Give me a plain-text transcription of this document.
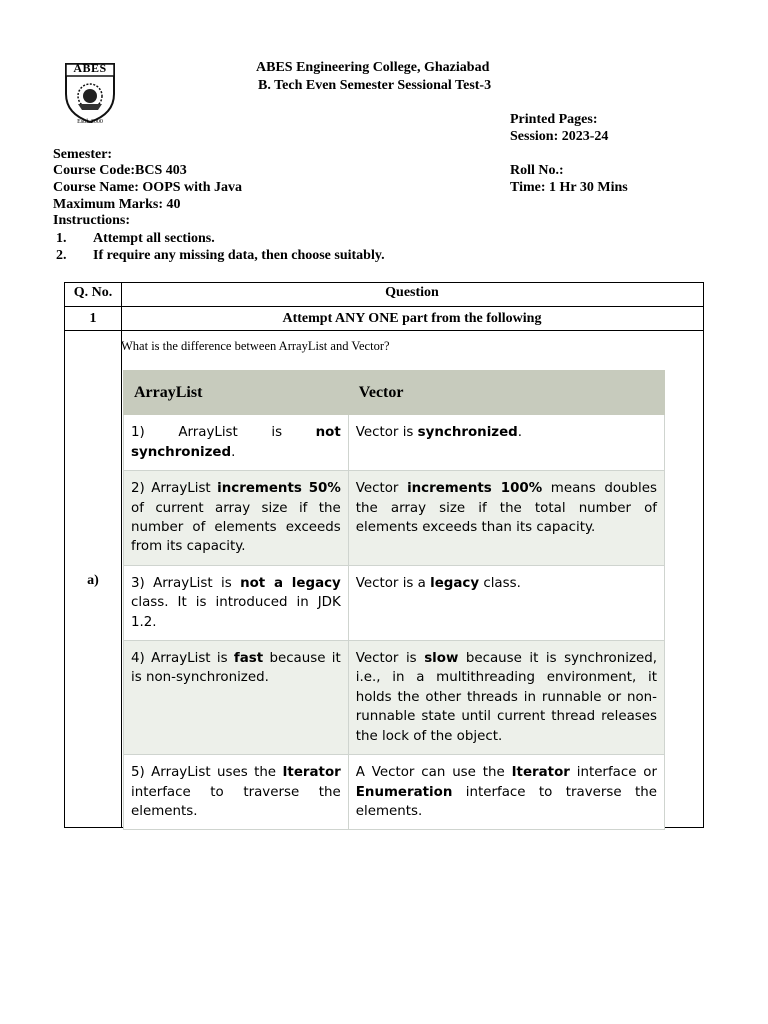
ABES
Estd. 2000
ABES Engineering College, Ghaziabad
B. Tech Even Semester Sessional Test-3
Printed Pages:
Session: 2023-24
Roll No.:
Time: 1 Hr 30 Mins
Semester:
Course Code:BCS 403
Course Name: OOPS with Java
Maximum Marks: 40
Instructions:
1. Attempt all sections.
2. If require any missing data, then choose suitably.
Q. No.	Question
1	Attempt ANY ONE part from the following
a)
What is the difference between ArrayList and Vector?
ArrayList	Vector
1) ArrayList is not synchronized.	Vector is synchronized.
2) ArrayList increments 50% of current array size if the number of elements exceeds from its capacity.	Vector increments 100% means doubles the array size if the total number of elements exceeds than its capacity.
3) ArrayList is not a legacy class. It is introduced in JDK 1.2.	Vector is a legacy class.
4) ArrayList is fast because it is non-synchronized.	Vector is slow because it is synchronized, i.e., in a multithreading environment, it holds the other threads in runnable or non-runnable state until current thread releases the lock of the object.
5) ArrayList uses the Iterator interface to traverse the elements.	A Vector can use the Iterator interface or Enumeration interface to traverse the elements.
